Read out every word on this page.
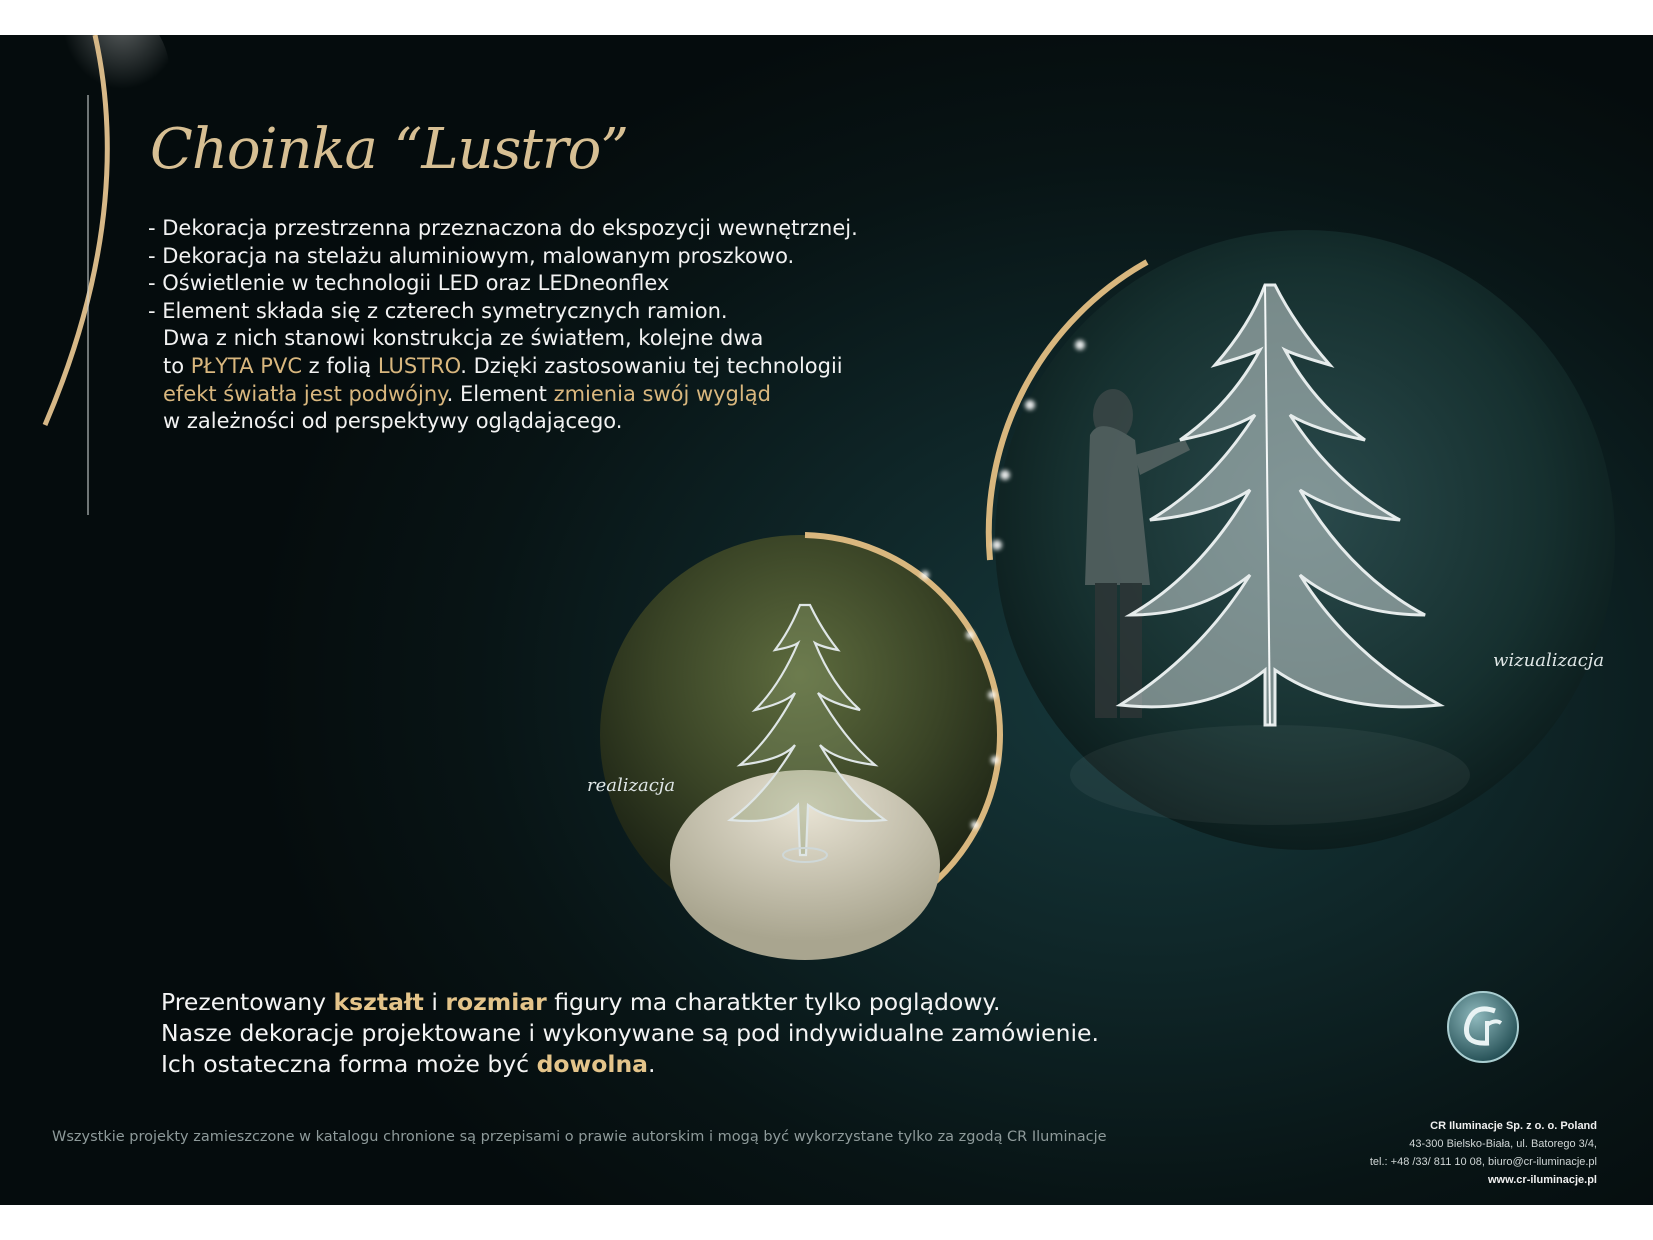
Choinka “Lustro”
- Dekoracja przestrzenna przeznaczona do ekspozycji wewnętrznej.
- Dekoracja na stelażu aluminiowym, malowanym proszkowo.
- Oświetlenie w technologii LED oraz LEDneonflex
- Element składa się z czterech symetrycznych ramion.
Dwa z nich stanowi konstrukcja ze światłem, kolejne dwa
to PŁYTA PVC z folią LUSTRO. Dzięki zastosowaniu tej technologii
efekt światła jest podwójny. Element zmienia swój wygląd
w zależności od perspektywy oglądającego.
realizacja
wizualizacja
Prezentowany kształt i rozmiar figury ma charatkter tylko poglądowy.
Nasze dekoracje projektowane i wykonywane są pod indywidualne zamówienie.
Ich ostateczna forma może być dowolna.
Wszystkie projekty zamieszczone w katalogu chronione są przepisami o prawie autorskim i mogą być wykorzystane tylko za zgodą CR Iluminacje
CR Iluminacje Sp. z o. o. Poland
43-300 Bielsko-Biała, ul. Batorego 3/4,
tel.: +48 /33/ 811 10 08, biuro@cr-iluminacje.pl
www.cr-iluminacje.pl
